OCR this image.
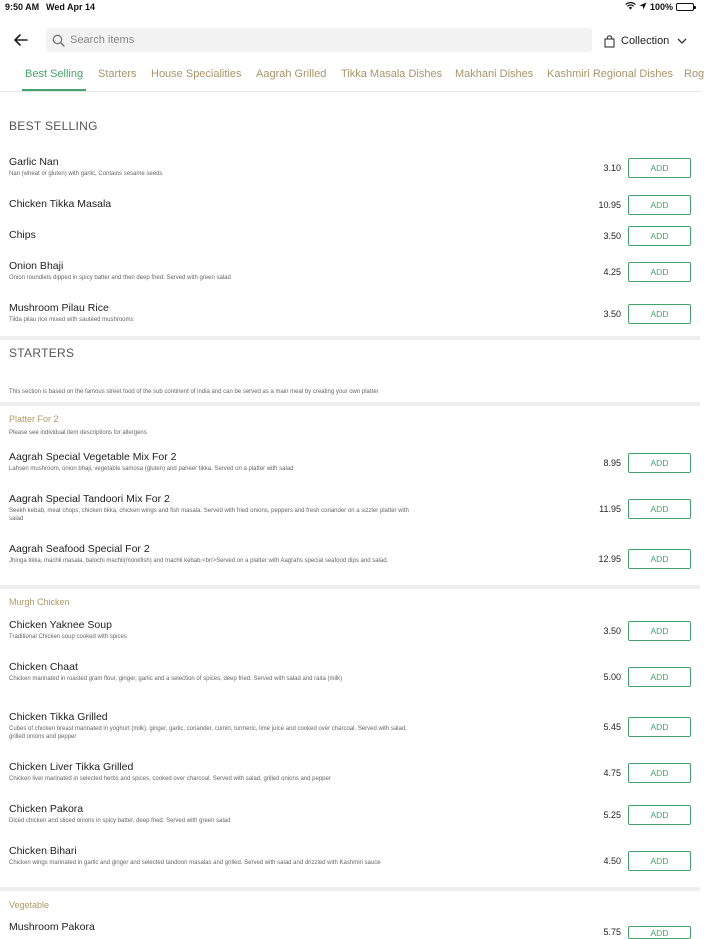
9:50 AM Wed Apr 14	100%
Search items
Collection
Best Selling Starters House Specialities Aagrah Grilled Tikka Masala Dishes Makhani Dishes Kashmiri Regional Dishes Rog
BEST SELLING
Garlic Nan
Nan (wheat or gluten) with garlic, Contains sesame seeds
3.10	ADD
Chicken Tikka Masala	10.95	ADD
Chips	3.50	ADD
Onion Bhaji
Onion roundlets dipped in spicy batter and then deep fried. Served with green salad
4.25	ADD
Mushroom Pilau Rice
Tilda pilau rice mixed with sautéed mushrooms
3.50	ADD
STARTERS
This section is based on the famous street food of the sub continent of india and can be served as a main meal by creating your own platter
Platter For 2
Please see individual item descriptions for allergens
Aagrah Special Vegetable Mix For 2
Lahsen mushroom, onion bhaji, vegetable samosa (gluten) and paneer tikka. Served on a platter with salad
8.95	ADD
Aagrah Special Tandoori Mix For 2
Seekh kebab, meat chops, chicken tikka, chicken wings and fish masala. Served with fried onions, peppers and fresh coriander on a sizzler platter with salad
11.95	ADD
Aagrah Seafood Special For 2
Jhinga tikka, machli masala, balochi machli(monkfish) and machli kebab.<br/>Served on a platter with Aagrahs special seafood dips and salad.	12.95	ADD
Murgh Chicken
Chicken Yaknee Soup
Traditional Chicken soup cooked with spices
3.50	ADD
Chicken Chaat
Chicken marinated in roasted gram flour, ginger, garlic and a selection of spices, deep fried. Served with salad and raita (milk)	5.00	ADD
Chicken Tikka Grilled
Cubes of chicken breast marinated in yoghurt (milk), ginger, garlic, coriander, cumin, turmeric, lime juice and cooked over charcoal. Served with salad, grilled onions and pepper
5.45	ADD
Chicken Liver Tikka Grilled
Chicken liver marinated in selected herbs and spices, cooked over charcoal. Served with salad, grilled onions and pepper
4.75	ADD
Chicken Pakora
Diced chicken and sliced onions in spicy batter, deep fried. Served with green salad
5.25	ADD
Chicken Bihari
Chicken wings marinated in garlic and ginger and selected tandoori masalas and grilled. Served with salad and drizzled with Kashmiri sauce	4.50	ADD
Vegetable
Mushroom Pakora	5.75	ADD
